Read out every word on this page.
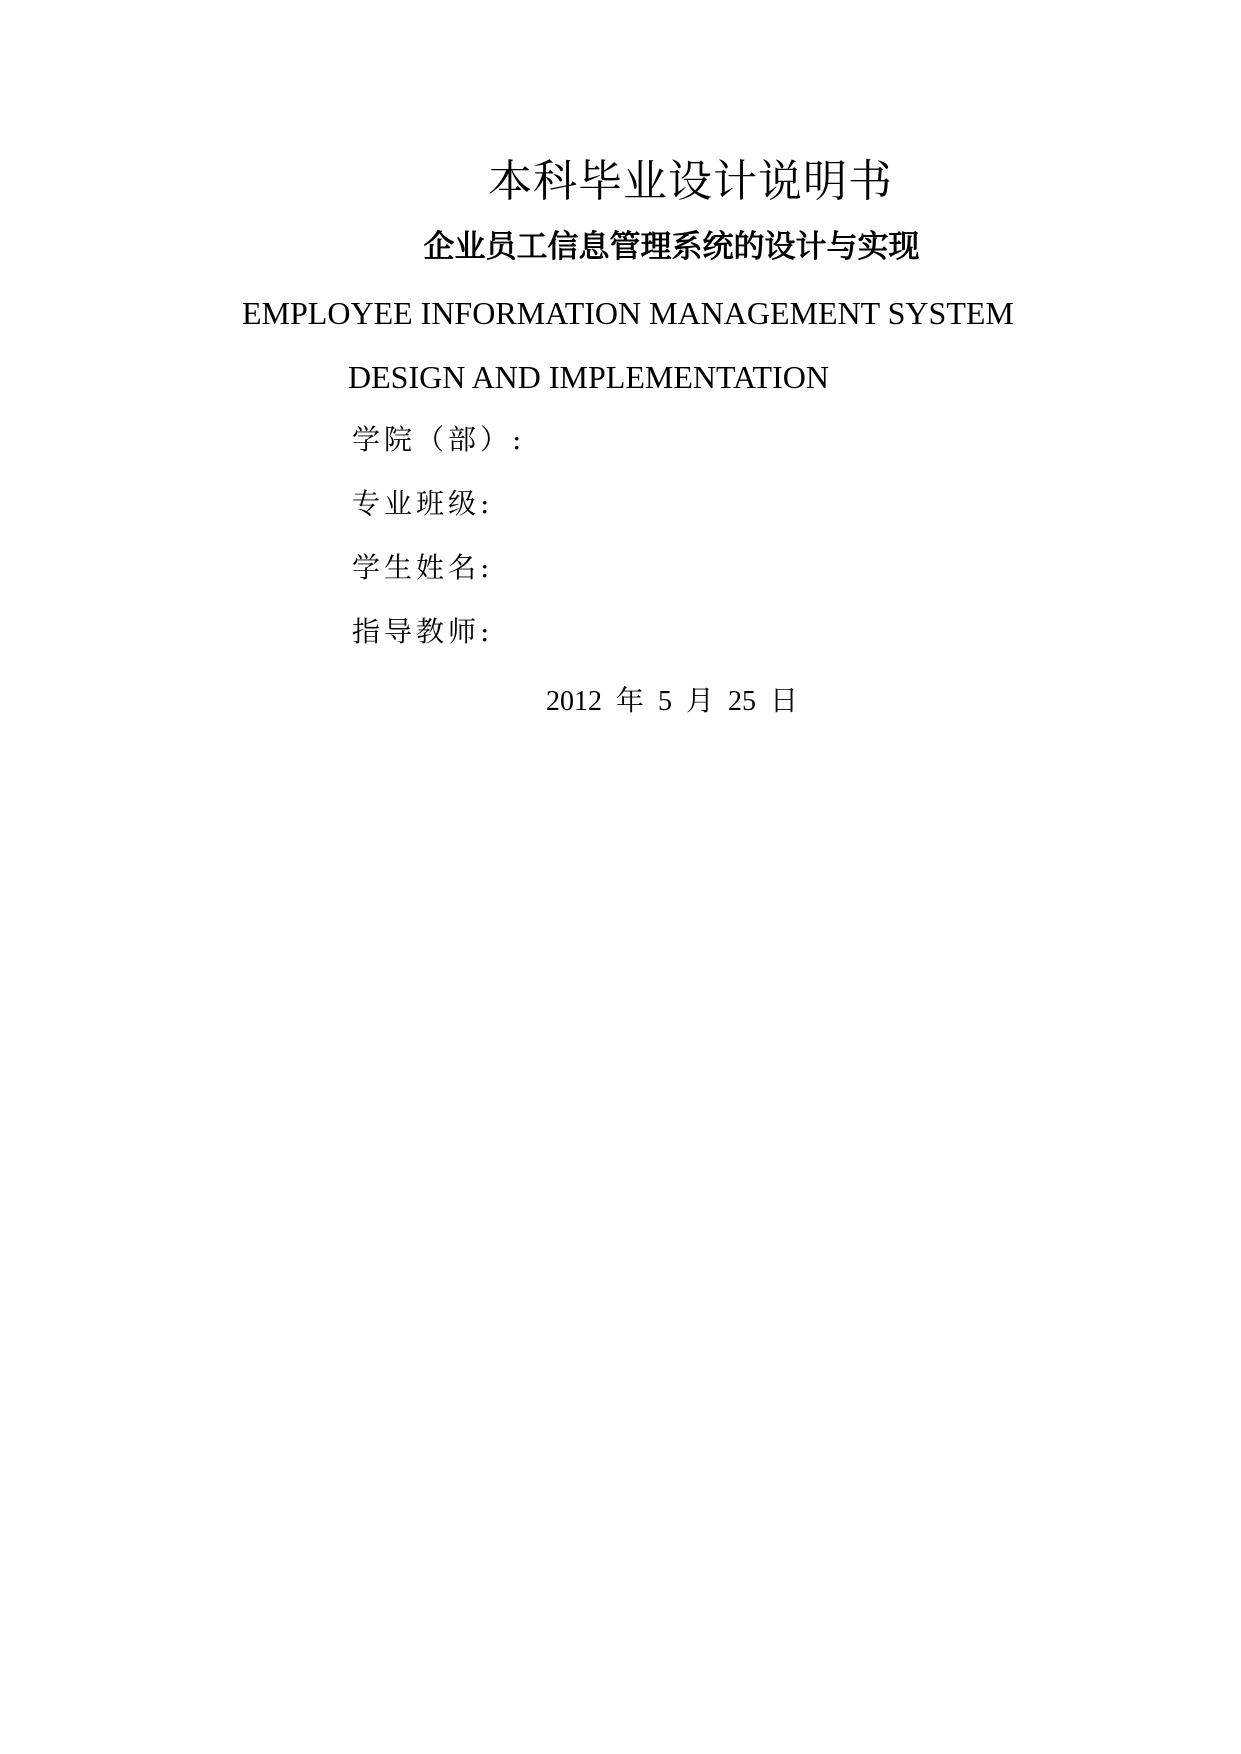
本科毕业设计说明书
企业员工信息管理系统的设计与实现
EMPLOYEE INFORMATION MANAGEMENT SYSTEM
DESIGN AND IMPLEMENTATION
学院（部）:
专业班级:
学生姓名:
指导教师:
2012 年 5 月 25 日
